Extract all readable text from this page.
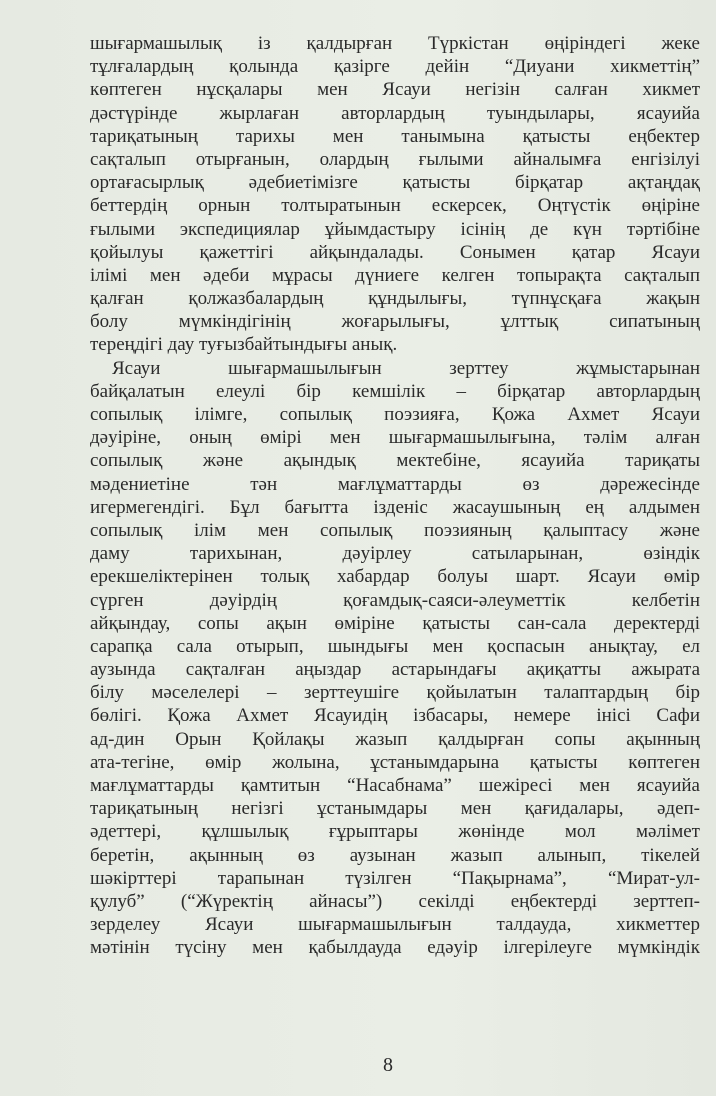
шығармашылық із қалдырған Түркістан өңіріндегі жеке
тұлғалардың қолында қазірге дейін “Диуани хикметтің”
көптеген нұсқалары мен Ясауи негізін салған хикмет
дәстүрінде жырлаған авторлардың туындылары, ясауийа
тариқатының тарихы мен танымына қатысты еңбектер
сақталып отырғанын, олардың ғылыми айналымға енгізілуі
ортағасырлық әдебиетімізге қатысты бірқатар ақтаңдақ
беттердің орнын толтыратынын ескерсек, Оңтүстік өңіріне
ғылыми экспедициялар ұйымдастыру ісінің де күн тәртібіне
қойылуы қажеттігі айқындалады. Сонымен қатар Ясауи
ілімі мен әдеби мұрасы дүниеге келген топырақта сақталып
қалған қолжазбалардың құндылығы, түпнұсқаға жақын
болу мүмкіндігінің жоғарылығы, ұлттық сипатының
тереңдігі дау туғызбайтындығы анық.
Ясауи шығармашылығын зерттеу жұмыстарынан
байқалатын елеулі бір кемшілік – бірқатар авторлардың
сопылық ілімге, сопылық поэзияға, Қожа Ахмет Ясауи
дәуіріне, оның өмірі мен шығармашылығына, тәлім алған
сопылық және ақындық мектебіне, ясауийа тариқаты
мәдениетіне тән мағлұматтарды өз дәрежесінде
игермегендігі. Бұл бағытта ізденіс жасаушының ең алдымен
сопылық ілім мен сопылық поэзияның қалыптасу және
даму тарихынан, дәуірлеу сатыларынан, өзіндік
ерекшеліктерінен толық хабардар болуы шарт. Ясауи өмір
сүрген дәуірдің қоғамдық-саяси-әлеуметтік келбетін
айқындау, сопы ақын өміріне қатысты сан-сала деректерді
сарапқа сала отырып, шындығы мен қоспасын анықтау, ел
аузында сақталған аңыздар астарындағы ақиқатты ажырата
білу мәселелері – зерттеушіге қойылатын талаптардың бір
бөлігі. Қожа Ахмет Ясауидің ізбасары, немере інісі Сафи
ад-дин Орын Қойлақы жазып қалдырған сопы ақынның
ата-тегіне, өмір жолына, ұстанымдарына қатысты көптеген
мағлұматтарды қамтитын “Насабнама” шежіресі мен ясауийа
тариқатының негізгі ұстанымдары мен қағидалары, әдеп-
әдеттері, құлшылық ғұрыптары жөнінде мол мәлімет
беретін, ақынның өз аузынан жазып алынып, тікелей
шәкірттері тарапынан түзілген “Пақырнама”, “Мират-ул-
қулуб” (“Жүректің айнасы”) секілді еңбектерді зерттеп-
зерделеу Ясауи шығармашылығын талдауда, хикметтер
мәтінін түсіну мен қабылдауда едәуір ілгерілеуге мүмкіндік
8
